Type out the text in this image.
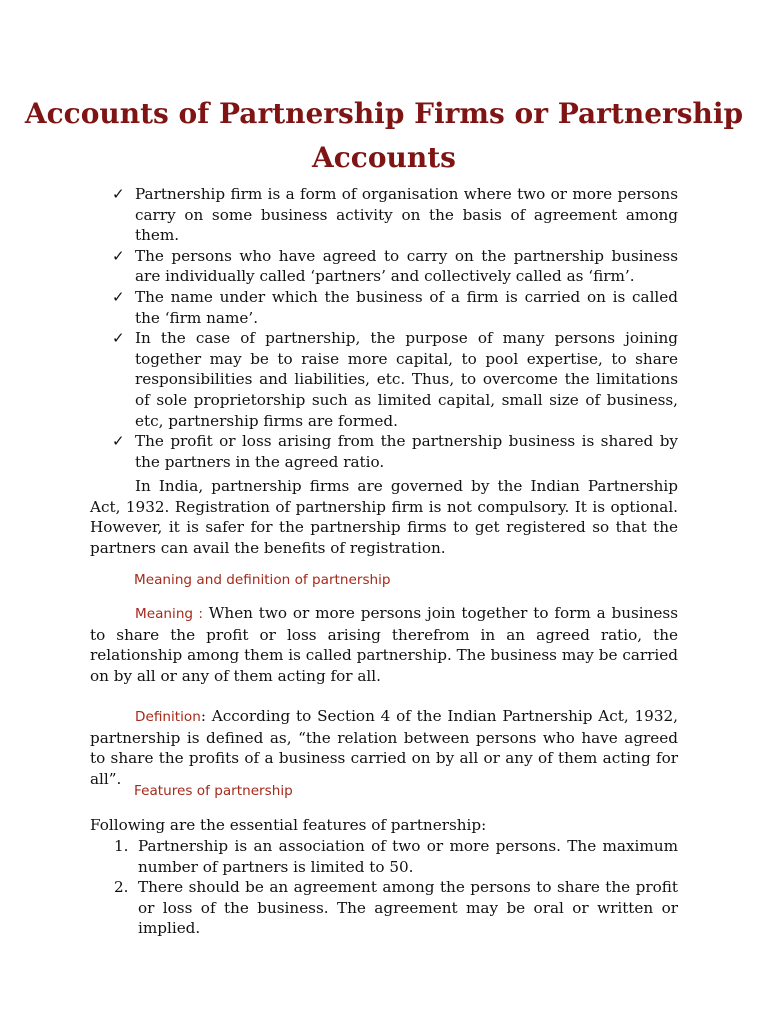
Accounts of Partnership Firms or Partnership Accounts
✓ Partnership firm is a form of organisation where two or more persons carry on some business activity on the basis of agreement among them.
✓ The persons who have agreed to carry on the partnership business are individually called ‘partners’ and collectively called as ‘firm’.
✓ The name under which the business of a firm is carried on is called the ‘firm name’.
✓ In the case of partnership, the purpose of many persons joining together may be to raise more capital, to pool expertise, to share responsibilities and liabilities, etc. Thus, to overcome the limitations of sole proprietorship such as limited capital, small size of business, etc, partnership firms are formed.
✓ The profit or loss arising from the partnership business is shared by the partners in the agreed ratio.

In India, partnership firms are governed by the Indian Partnership Act, 1932. Registration of partnership firm is not compulsory. It is optional. However, it is safer for the partnership firms to get registered so that the partners can avail the benefits of registration.

Meaning and definition of partnership

Meaning : When two or more persons join together to form a business to share the profit or loss arising therefrom in an agreed ratio, the relationship among them is called partnership. The business may be carried on by all or any of them acting for all.

Definition: According to Section 4 of the Indian Partnership Act, 1932, partnership is defined as, “the relation between persons who have agreed to share the profits of a business carried on by all or any of them acting for all”.

Features of partnership

Following are the essential features of partnership:

1. Partnership is an association of two or more persons. The maximum number of partners is limited to 50.
2. There should be an agreement among the persons to share the profit or loss of the business. The agreement may be oral or written or implied.
